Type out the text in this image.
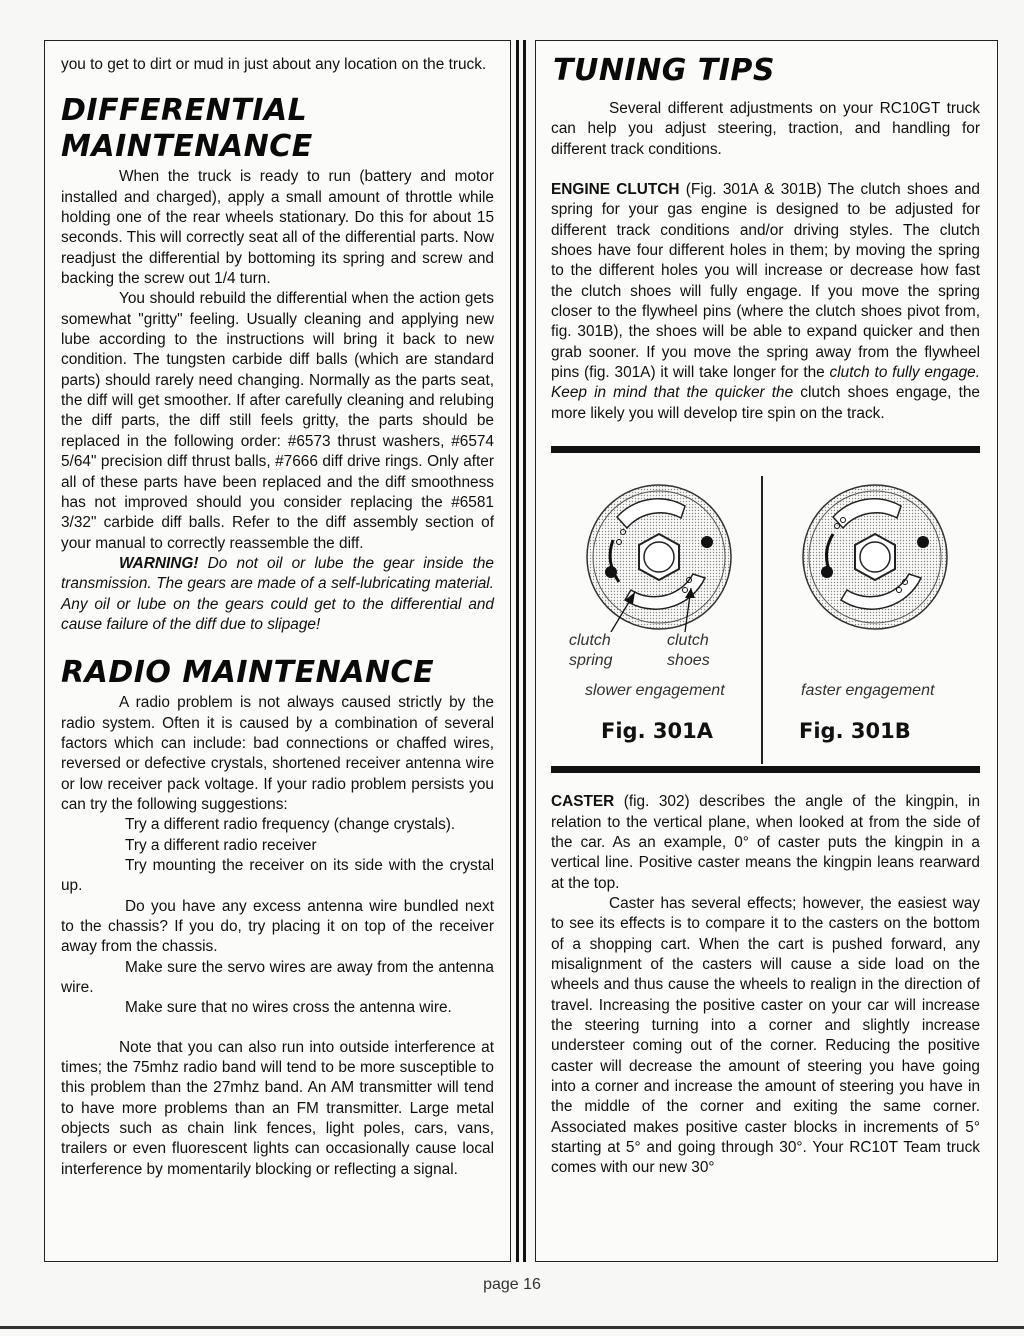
you to get to dirt or mud in just about any location on the truck.

DIFFERENTIAL
MAINTENANCE

When the truck is ready to run (battery and motor installed and charged), apply a small amount of throttle while holding one of the rear wheels stationary. Do this for about 15 seconds. This will correctly seat all of the differential parts. Now readjust the differential by bottoming its spring and screw and backing the screw out 1/4 turn.

You should rebuild the differential when the action gets somewhat "gritty" feeling. Usually cleaning and applying new lube according to the instructions will bring it back to new condition. The tungsten carbide diff balls (which are standard parts) should rarely need changing. Normally as the parts seat, the diff will get smoother. If after carefully cleaning and relubing the diff parts, the diff still feels gritty, the parts should be replaced in the following order: #6573 thrust washers, #6574 5/64" precision diff thrust balls, #7666 diff drive rings. Only after all of these parts have been replaced and the diff smoothness has not improved should you consider replacing the #6581 3/32" carbide diff balls. Refer to the diff assembly section of your manual to correctly reassemble the diff.

WARNING! Do not oil or lube the gear inside the transmission. The gears are made of a self-lubricating material. Any oil or lube on the gears could get to the differential and cause failure of the diff due to slipage!

RADIO MAINTENANCE

A radio problem is not always caused strictly by the radio system. Often it is caused by a combination of several factors which can include: bad connections or chaffed wires, reversed or defective crystals, shortened receiver antenna wire or low receiver pack voltage. If your radio problem persists you can try the following suggestions:

Try a different radio frequency (change crystals).

Try a different radio receiver

Try mounting the receiver on its side with the crystal up.

Do you have any excess antenna wire bundled next to the chassis? If you do, try placing it on top of the receiver away from the chassis.

Make sure the servo wires are away from the antenna wire.

Make sure that no wires cross the antenna wire.

Note that you can also run into outside interference at times; the 75mhz radio band will tend to be more susceptible to this problem than the 27mhz band. An AM transmitter will tend to have more problems than an FM transmitter. Large metal objects such as chain link fences, light poles, cars, vans, trailers or even fluorescent lights can occasionally cause local interference by momentarily blocking or reflecting a signal.

TUNING TIPS

Several different adjustments on your RC10GT truck can help you adjust steering, traction, and handling for different track conditions.

ENGINE CLUTCH (Fig. 301A & 301B) The clutch shoes and spring for your gas engine is designed to be adjusted for different track conditions and/or driving styles. The clutch shoes have four different holes in them; by moving the spring to the different holes you will increase or decrease how fast the clutch shoes will fully engage. If you move the spring closer to the flywheel pins (where the clutch shoes pivot from, fig. 301B), the shoes will be able to expand quicker and then grab sooner. If you move the spring away from the flywheel pins (fig. 301A) it will take longer for the clutch to fully engage. Keep in mind that the quicker the clutch shoes engage, the more likely you will develop tire spin on the track.

clutch
spring
clutch
shoes
slower engagement	faster engagement
Fig. 301A	Fig. 301B

CASTER (fig. 302) describes the angle of the kingpin, in relation to the vertical plane, when looked at from the side of the car. As an example, 0° of caster puts the kingpin in a vertical line. Positive caster means the kingpin leans rearward at the top.

Caster has several effects; however, the easiest way to see its effects is to compare it to the casters on the bottom of a shopping cart. When the cart is pushed forward, any misalignment of the casters will cause a side load on the wheels and thus cause the wheels to realign in the direction of travel. Increasing the positive caster on your car will increase the steering turning into a corner and slightly increase understeer coming out of the corner. Reducing the positive caster will decrease the amount of steering you have going into a corner and increase the amount of steering you have in the middle of the corner and exiting the same corner. Associated makes positive caster blocks in increments of 5° starting at 5° and going through 30°. Your RC10T Team truck comes with our new 30°

page 16
